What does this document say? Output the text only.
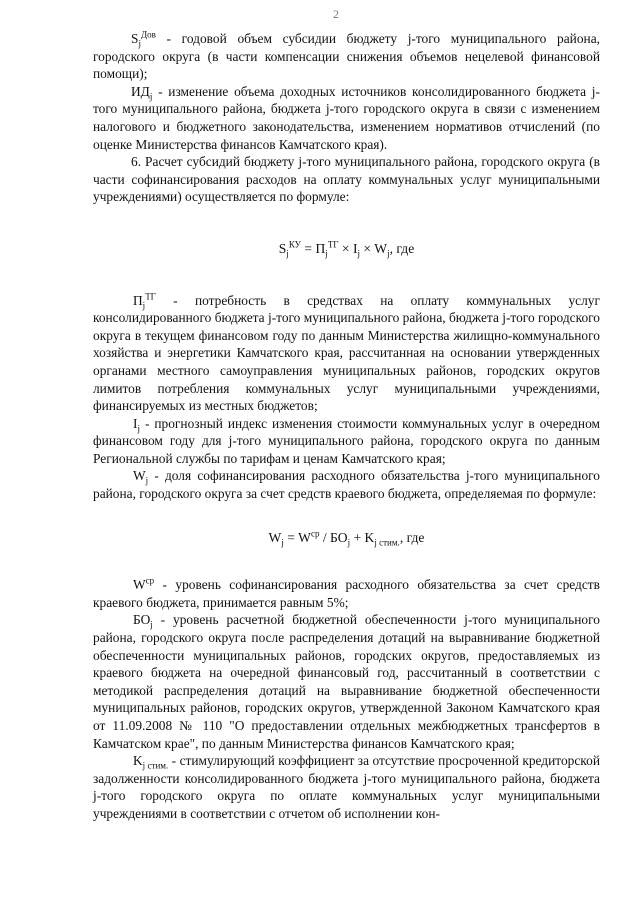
2

$S_j^{Дов}$ - годовой объем субсидии бюджету j-того муниципального района, городского округа (в части компенсации снижения объемов нецелевой финансовой помощи);

$ИД_j$ - изменение объема доходных источников консолидированного бюджета j-того муниципального района, бюджета j-того городского округа в связи с изменением налогового и бюджетного законодательства, изменением нормативов отчислений (по оценке Министерства финансов Камчатского края).

6. Расчет субсидий бюджету j-того муниципального района, городского округа (в части софинансирования расходов на оплату коммунальных услуг муниципальными учреждениями) осуществляется по формуле:

$S_j^{КУ} = П_j^{ТГ} \times I_j \times W_j$, где

$П_j^{ТГ}$ - потребность в средствах на оплату коммунальных услуг консолидированного бюджета j-того муниципального района, бюджета j-того городского округа в текущем финансовом году по данным Министерства жилищно-коммунального хозяйства и энергетики Камчатского края, рассчитанная на основании утвержденных органами местного самоуправления муниципальных районов, городских округов лимитов потребления коммунальных услуг муниципальными учреждениями, финансируемых из местных бюджетов;

$I_j$ - прогнозный индекс изменения стоимости коммунальных услуг в очередном финансовом году для j-того муниципального района, городского округа по данным Региональной службы по тарифам и ценам Камчатского края;

$W_j$ - доля софинансирования расходного обязательства j-того муниципального района, городского округа за счет средств краевого бюджета, определяемая по формуле:

$W_j = W^{ср} / БО_j + K_{j стим.}$, где

$W^{ср}$ - уровень софинансирования расходного обязательства за счет средств краевого бюджета, принимается равным 5%;

$БО_j$ - уровень расчетной бюджетной обеспеченности j-того муниципального района, городского округа после распределения дотаций на выравнивание бюджетной обеспеченности муниципальных районов, городских округов, предоставляемых из краевого бюджета на очередной финансовый год, рассчитанный в соответствии с методикой распределения дотаций на выравнивание бюджетной обеспеченности муниципальных районов, городских округов, утвержденной Законом Камчатского края от 11.09.2008 № 110 "О предоставлении отдельных межбюджетных трансфертов в Камчатском крае", по данным Министерства финансов Камчатского края;

$K_{j стим.}$ - стимулирующий коэффициент за отсутствие просроченной кредиторской задолженности консолидированного бюджета j-того муниципального района, бюджета j-того городского округа по оплате коммунальных услуг муниципальными учреждениями в соответствии с отчетом об исполнении кон-
